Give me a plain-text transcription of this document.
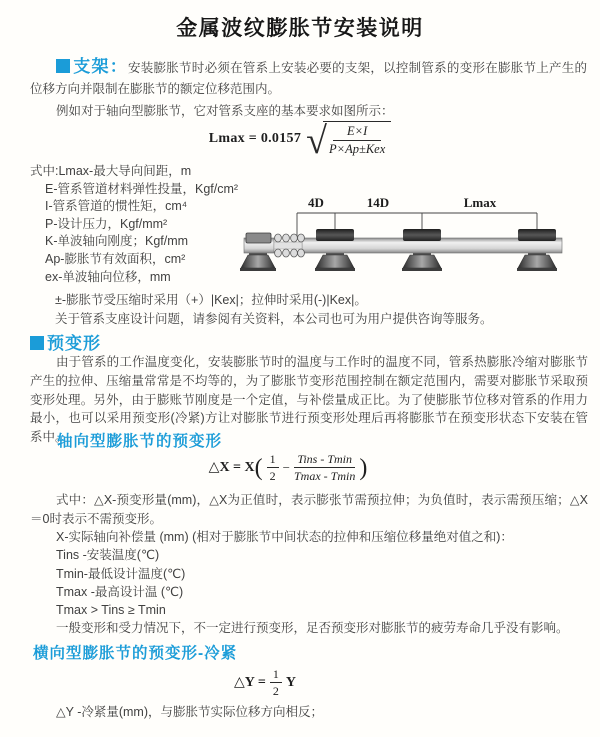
金属波纹膨胀节安装说明
支架：安装膨胀节时必须在管系上安装必要的支架，以控制管系的变形在膨胀节上产生的位移方向并限制在膨胀节的额定位移范围内。
例如对于轴向型膨胀节，它对管系支座的基本要求如图所示：
Lmax = 0.0157 √
$\frac{E\times I}{\text{P×Ap±Kex}}$
式中:Lmax-最大导向间距，m
E-管系管道材料弹性投量，Kgf/cm²
I-管系管道的惯性矩，cm⁴
P-设计压力，Kgf/mm²
K-单波轴向刚度；Kgf/mm
Ap-膨胀节有效面积，cm²
ex-单波轴向位移，mm
±-膨胀节受压缩时采用（+）|Kex|；拉伸时采用(-)|Kex|。
关于管系支座设计问题，请参阅有关资料，本公司也可为用户提供咨询等服务。
4D	14D	Lmax
预变形
由于管系的工作温度变化，安装膨胀节时的温度与工作时的温度不同，管系热膨胀冷缩对膨胀节产生的拉伸、压缩量常常是不均等的，为了膨胀节变形范围控制在额定范围内，需要对膨胀节采取预变形处理。另外，由于膨账节刚度是一个定值，与补偿量成正比。为了使膨胀节位移对管系的作用力最小，也可以采用预变形(冷紧)方让对膨胀节进行预变形处理后再将膨胀节在预变形状态下安装在管系中。
轴向型膨胀节的预变形
△X = X ( $\frac{1}{2} - \frac{\text{Tins - Tmin}}{Tmax - Tmin}$ )
式中：△X-预变形量(mm)，△X为正值时，表示膨张节需预拉伸；为负值时，表示需预压缩；△X＝0时表示不需预变形。
X-实际轴向补偿量 (mm) (相对于膨胀节中间状态的拉伸和压缩位移量绝对值之和)：
Tins -安装温度(℃)
Tmin-最低设计温度(℃)
Tmax -最高设计温 (℃)
Tmax > Tins ≥ Tmin
一般变形和受力情况下，不一定进行预变形，足否预变形对膨胀节的疲劳寿命几乎没有影响。
横向型膨胀节的预变形-冷紧
△Y = $\frac{1}{2}$ Y
△Y -冷紧量(mm)，与膨胀节实际位移方向相反；
